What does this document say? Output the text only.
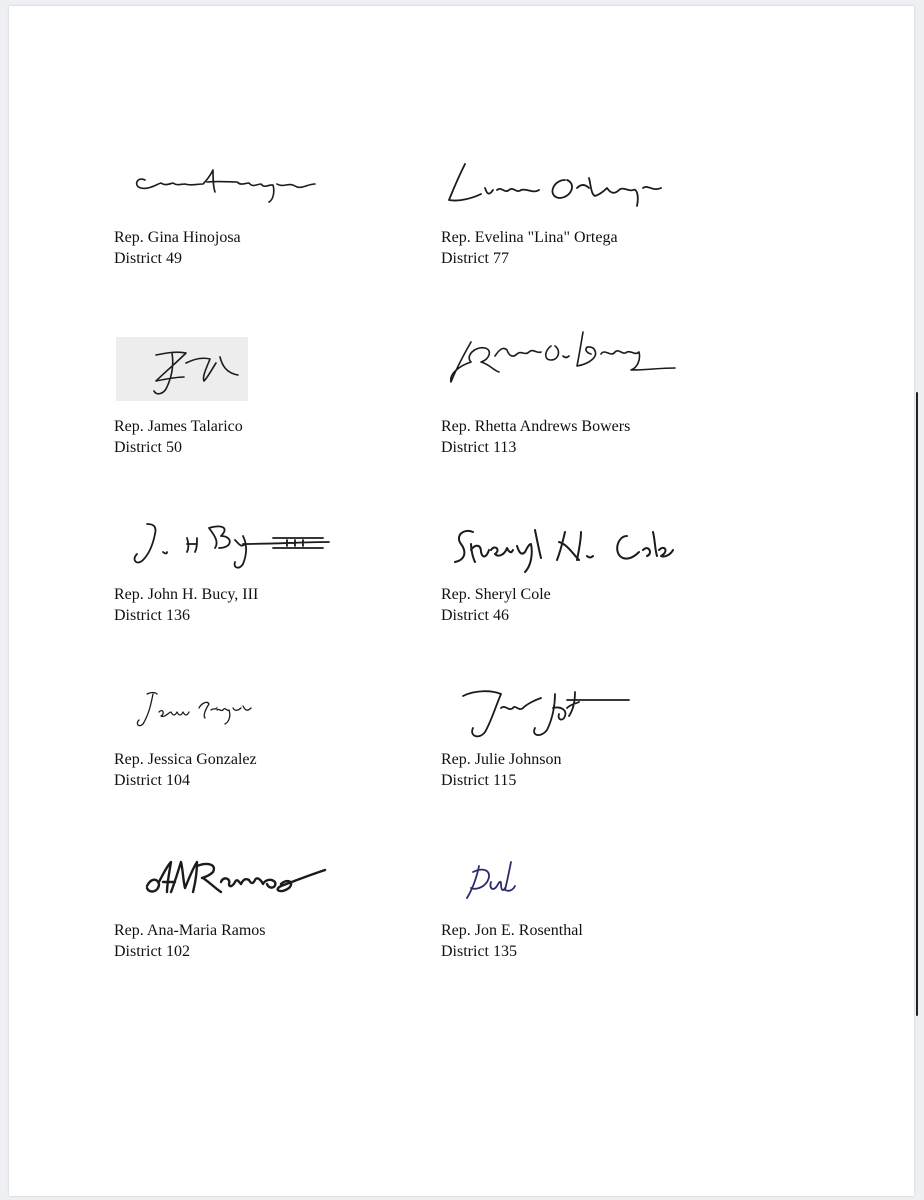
Rep. Gina Hinojosa
District 49
Rep. Evelina "Lina" Ortega
District 77
Rep. James Talarico
District 50
Rep. Rhetta Andrews Bowers
District 113
Rep. John H. Bucy, III
District 136
Rep. Sheryl Cole
District 46
Rep. Jessica Gonzalez
District 104
Rep. Julie Johnson
District 115
Rep. Ana-Maria Ramos
District 102
Rep. Jon E. Rosenthal
District 135
